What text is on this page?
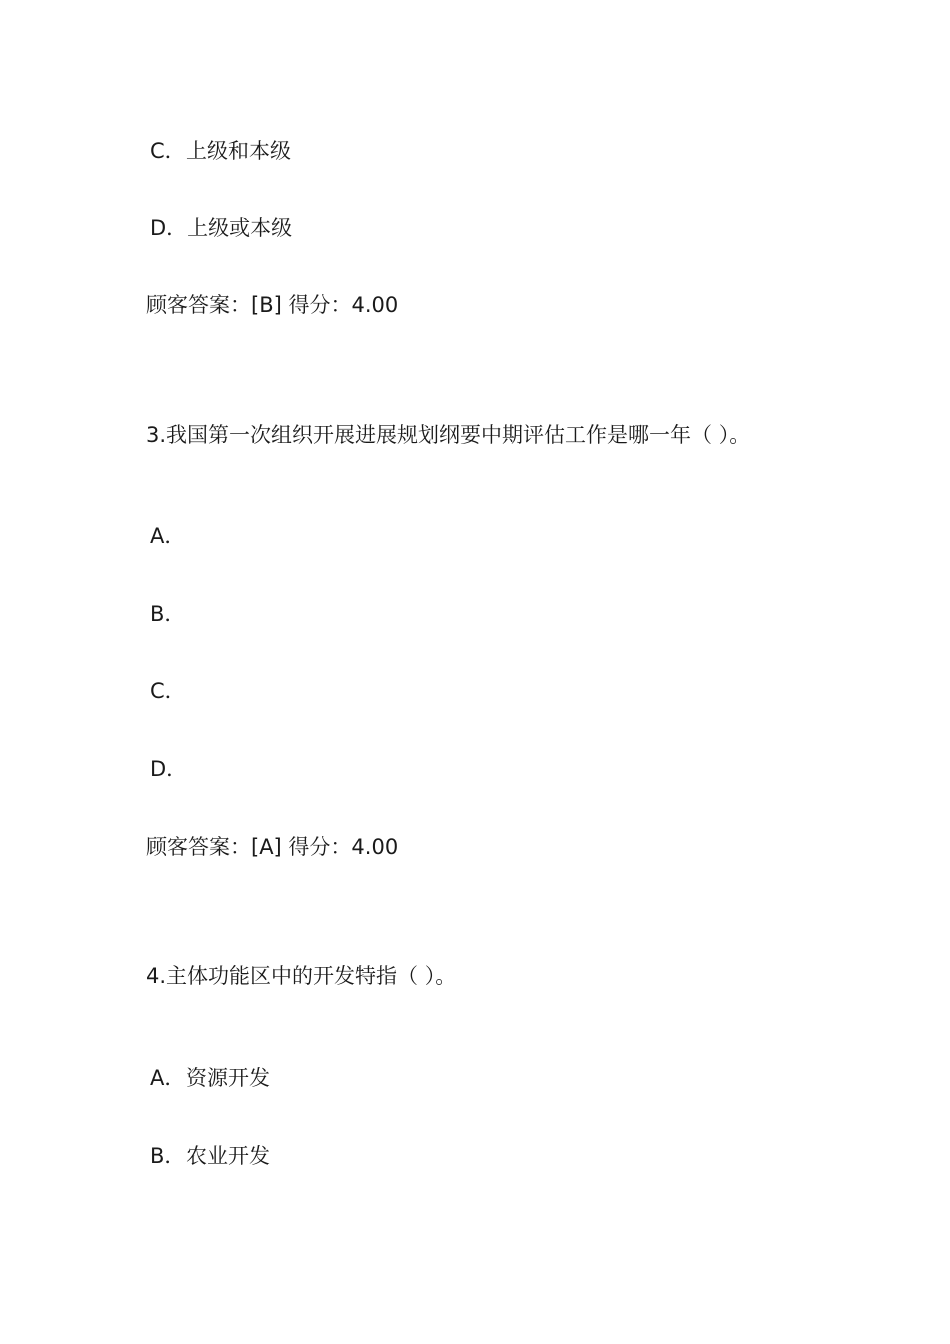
C．上级和本级
D．上级或本级
顾客答案：[B] 得分：4.00
3.我国第一次组织开展进展规划纲要中期评估工作是哪一年（ ）。
A．
B．
C．
D．
顾客答案：[A] 得分：4.00
4.主体功能区中的开发特指（ ）。
A．资源开发
B．农业开发
